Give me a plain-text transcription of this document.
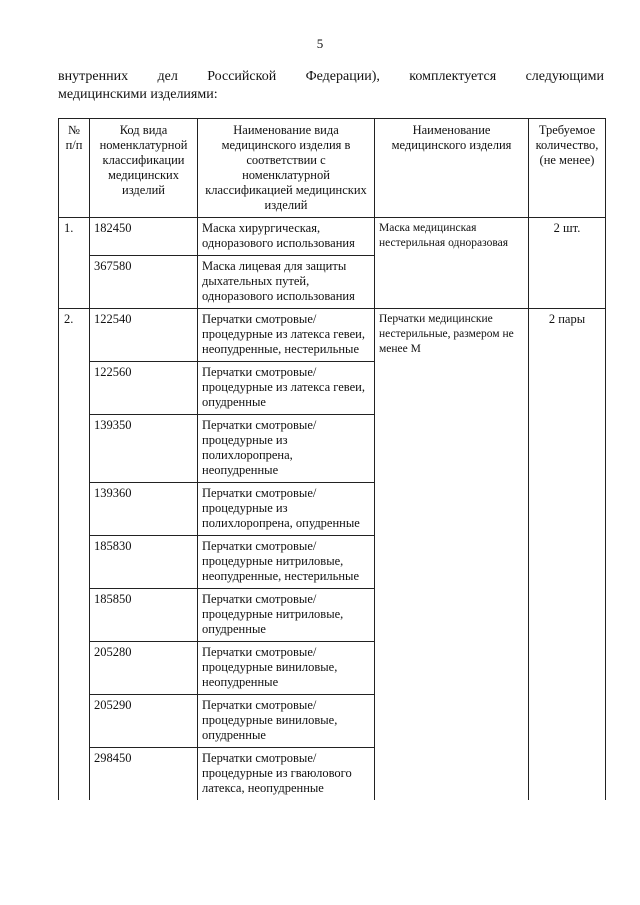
5
внутренних дел Российской Федерации), комплектуется следующими
медицинскими изделиями:
№ п/п	Код вида номенклатурной классификации медицинских изделий	Наименование вида медицинского изделия в соответствии с номенклатурной классификацией медицинских изделий	Наименование медицинского изделия	Требуемое количество, (не менее)
1.	182450	Маска хирургическая, одноразового использования	Маска медицинская нестерильная одноразовая	2 шт.
	367580	Маска лицевая для защиты дыхательных путей, одноразового использования		
2.	122540	Перчатки смотровые/процедурные из латекса гевеи, неопудренные, нестерильные	Перчатки медицинские нестерильные, размером не менее М	2 пары
	122560	Перчатки смотровые/процедурные из латекса гевеи, опудренные		
	139350	Перчатки смотровые/процедурные из полихлоропрена, неопудренные		
	139360	Перчатки смотровые/процедурные из полихлоропрена, опудренные		
	185830	Перчатки смотровые/процедурные нитриловые, неопудренные, нестерильные		
	185850	Перчатки смотровые/процедурные нитриловые, опудренные		
	205280	Перчатки смотровые/процедурные виниловые, неопудренные		
	205290	Перчатки смотровые/процедурные виниловые, опудренные		
	298450	Перчатки смотровые/процедурные из гваюлового латекса, неопудренные		
